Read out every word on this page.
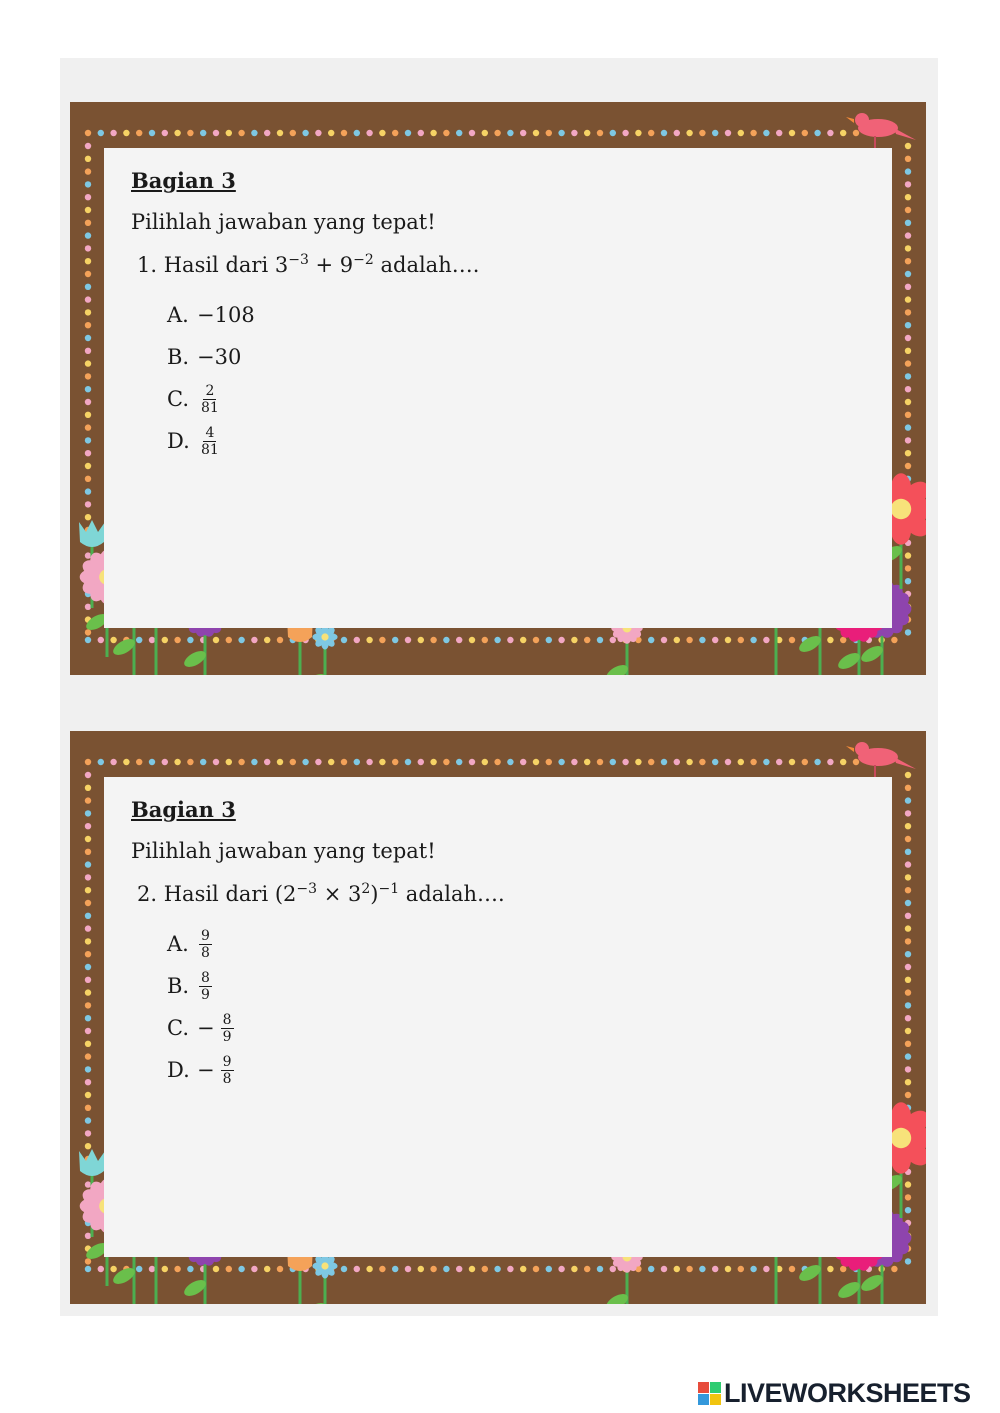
Bagian 3

Pilihlah jawaban yang tepat!

1. Hasil dari $3^{-3} + 9^{-2}$ adalah….

A. −108
B. −30
C. $\frac{2}{81}$
D. $\frac{4}{81}$

Bagian 3

Pilihlah jawaban yang tepat!

2. Hasil dari $(2^{-3} \times 3^2)^{-1}$ adalah….

A. $\frac{9}{8}$
B. $\frac{8}{9}$
C. − $\frac{8}{9}$
D. − $\frac{9}{8}$
LIVEWORKSHEETS
